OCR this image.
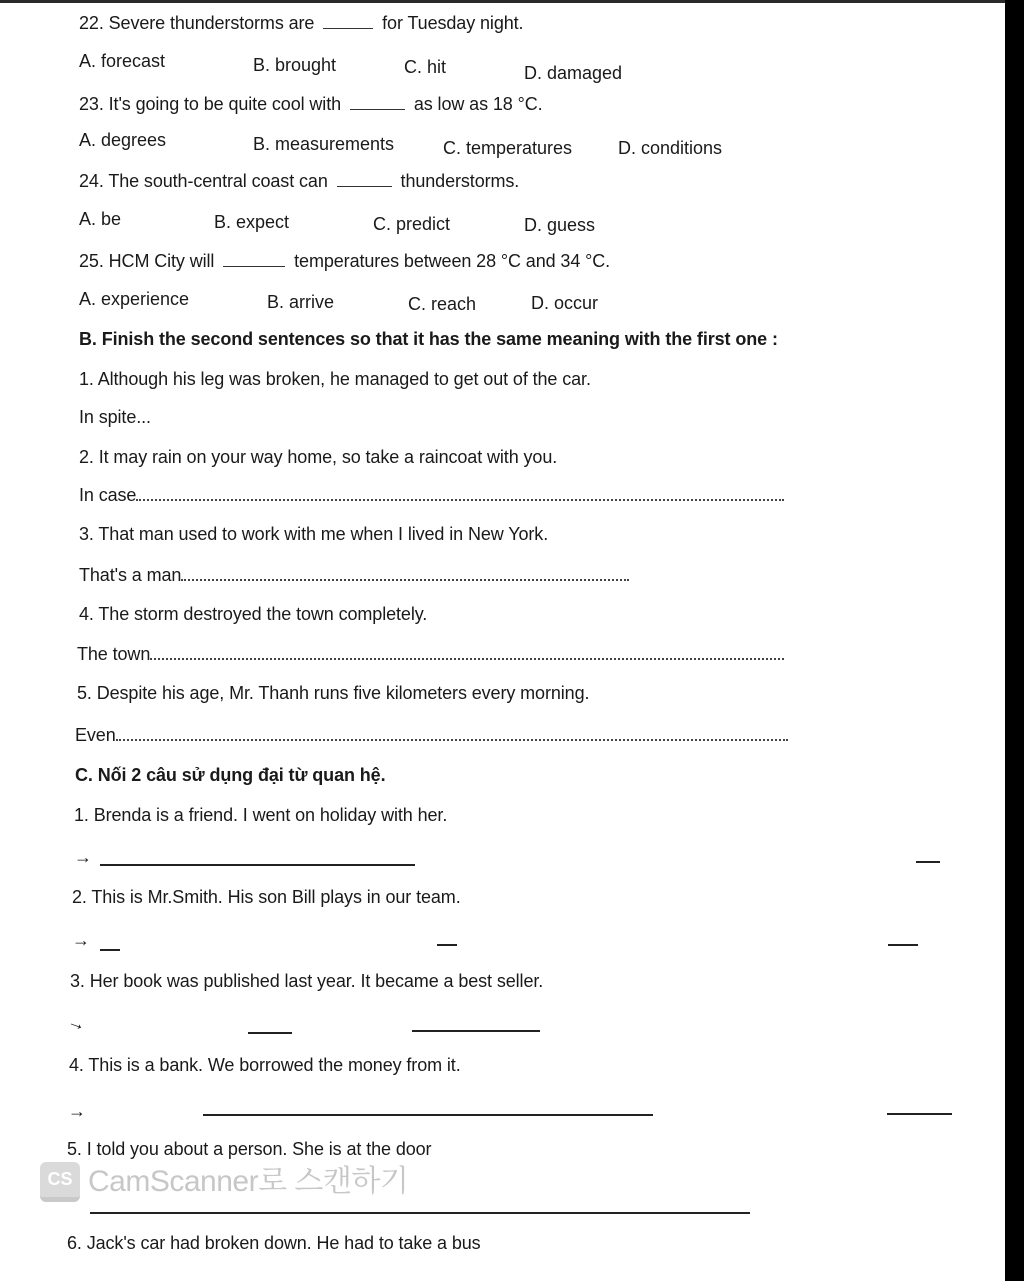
22. Severe thunderstorms are	for Tuesday night.
A. forecast	B. brought	C. hit	D. damaged
23. It's going to be quite cool with	as low as 18 °C.
A. degrees	B. measurements	C. temperatures	D. conditions
24. The south-central coast can	thunderstorms.
A. be	B. expect	C. predict	D. guess
25. HCM City will	temperatures between 28 °C and 34 °C.
A. experience	B. arrive	C. reach	D. occur
B. Finish the second sentences so that it has the same meaning with the first one :
1. Although his leg was broken, he managed to get out of the car.
In spite...
2. It may rain on your way home, so take a raincoat with you.
In case
3. That man used to work with me when I lived in New York.
That's a man
4. The storm destroyed the town completely.
The town
5. Despite his age, Mr. Thanh runs five kilometers every morning.
Even
C. Nối 2 câu sử dụng đại từ quan hệ.
1. Brenda is a friend. I went on holiday with her.
→
2. This is Mr.Smith. His son Bill plays in our team.
→
3. Her book was published last year. It became a best seller.
→
4. This is a bank. We borrowed the money from it.
→
5. I told you about a person. She is at the door
CS CamScanner로 스캔하기
6. Jack's car had broken down. He had to take a bus
